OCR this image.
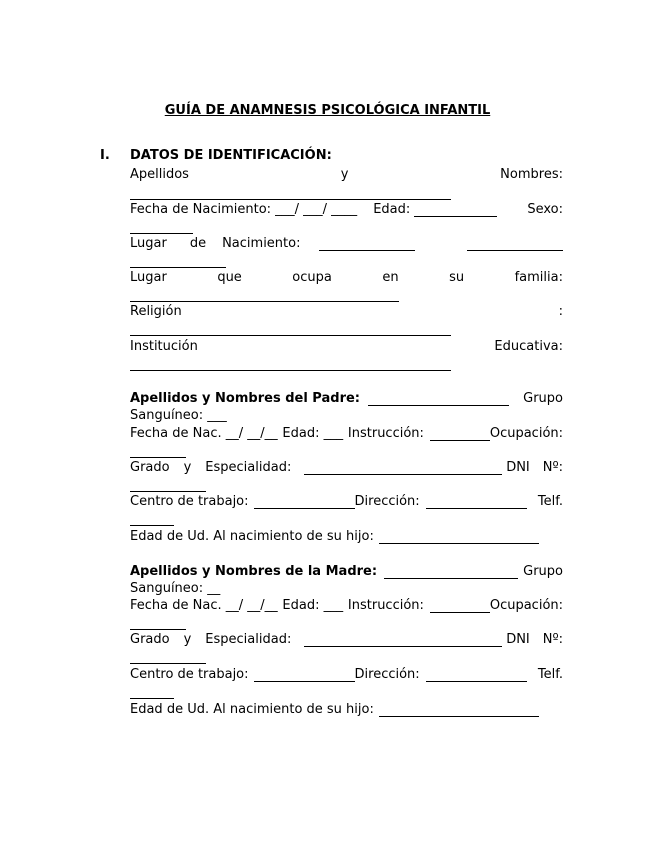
GUÍA DE ANAMNESIS PSICOLÓGICA INFANTIL
I. DATOS DE IDENTIFICACIÓN:
Apellidos	y	Nombres:
Fecha de Nacimiento: ___/ ___/ ____ Edad:	Sexo:
Lugar de Nacimiento:
Lugar	que	ocupa	en	su	familia:
Religión	:
Institución	Educativa:
Apellidos y Nombres del Padre:	Grupo
Sanguíneo: ___
Fecha de Nac. __/ __/__ Edad: ___ Instrucción:	Ocupación:
Grado y Especialidad:	DNI Nº:
Centro de trabajo:	Dirección:	Telf.
Edad de Ud. Al nacimiento de su hijo:
Apellidos y Nombres de la Madre:	Grupo
Sanguíneo: __
Fecha de Nac. __/ __/__ Edad: ___ Instrucción:	Ocupación:
Grado y Especialidad:	DNI Nº:
Centro de trabajo:	Dirección:	Telf.
Edad de Ud. Al nacimiento de su hijo:
